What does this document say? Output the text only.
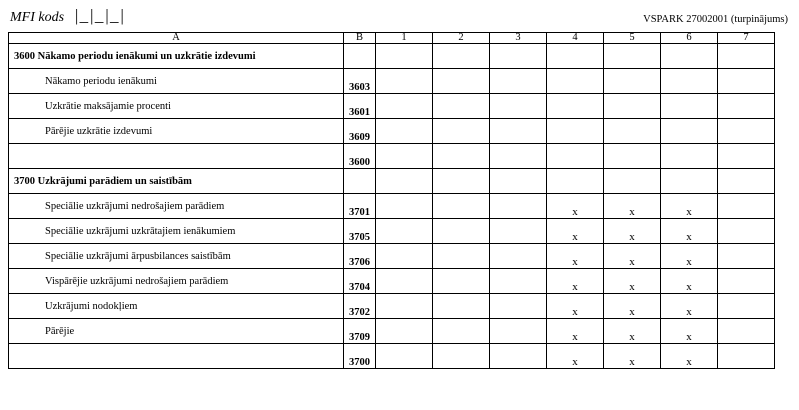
MFI kods |_|_|_|	VSPARK 27002001 (turpinājums)
A	B	1	2	3	4	5	6	7
3600 Nākamo periodu ienākumi un uzkrātie izdevumi								
Nākamo periodu ienākumi	3603							
Uzkrātie maksājamie procenti	3601							
Pārējie uzkrātie izdevumi	3609							
	3600							
3700 Uzkrājumi parādiem un saistībām								
Speciālie uzkrājumi nedrošajiem parādiem	3701				x	x	x	
Speciālie uzkrājumi uzkrātajiem ienākumiem	3705				x	x	x	
Speciālie uzkrājumi ārpusbilances saistībām	3706				x	x	x	
Vispārējie uzkrājumi nedrošajiem parādiem	3704				x	x	x	
Uzkrājumi nodokļiem	3702				x	x	x	
Pārējie	3709				x	x	x	
	3700				x	x	x	
